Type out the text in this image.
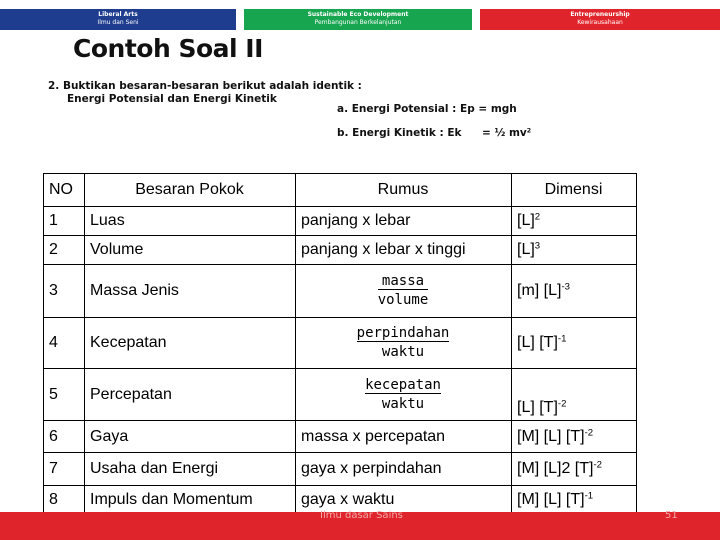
Liberal Arts
Ilmu dan Seni
Sustainable Eco Development
Pembangunan Berkelanjutan
Entrepreneurship
Kewirausahaan
Contoh Soal II
2. Buktikan besaran-besaran berikut adalah identik :
Energi Potensial dan Energi Kinetik
a. Energi Potensial : Ep = mgh
b. Energi Kinetik : Ek = ½ $mv^2$
NO	Besaran Pokok	Rumus	Dimensi
1	Luas	panjang x lebar	$[L]^2$
2	Volume	panjang x lebar x tinggi	$[L]^3$
3	Massa Jenis	$\frac{\text{massa}}{\text{volume}}$	[m] $[L]^{-3}$
4	Kecepatan	$\frac{\text{perpindahan}}{\text{waktu}}$	[L] $[T]^{-1}$
5	Percepatan	$\frac{\text{kecepatan}}{\text{waktu}}$	[L] $[T]^{-2}$
6	Gaya	massa x percepatan	[M] [L] $[T]^{-2}$
7	Usaha dan Energi	gaya x perpindahan	[M] [L]2 $[T]^{-2}$
8	Impuls dan Momentum	gaya x waktu	[M] [L] $[T]^{-1}$
Ilmu dasar Sains	51
